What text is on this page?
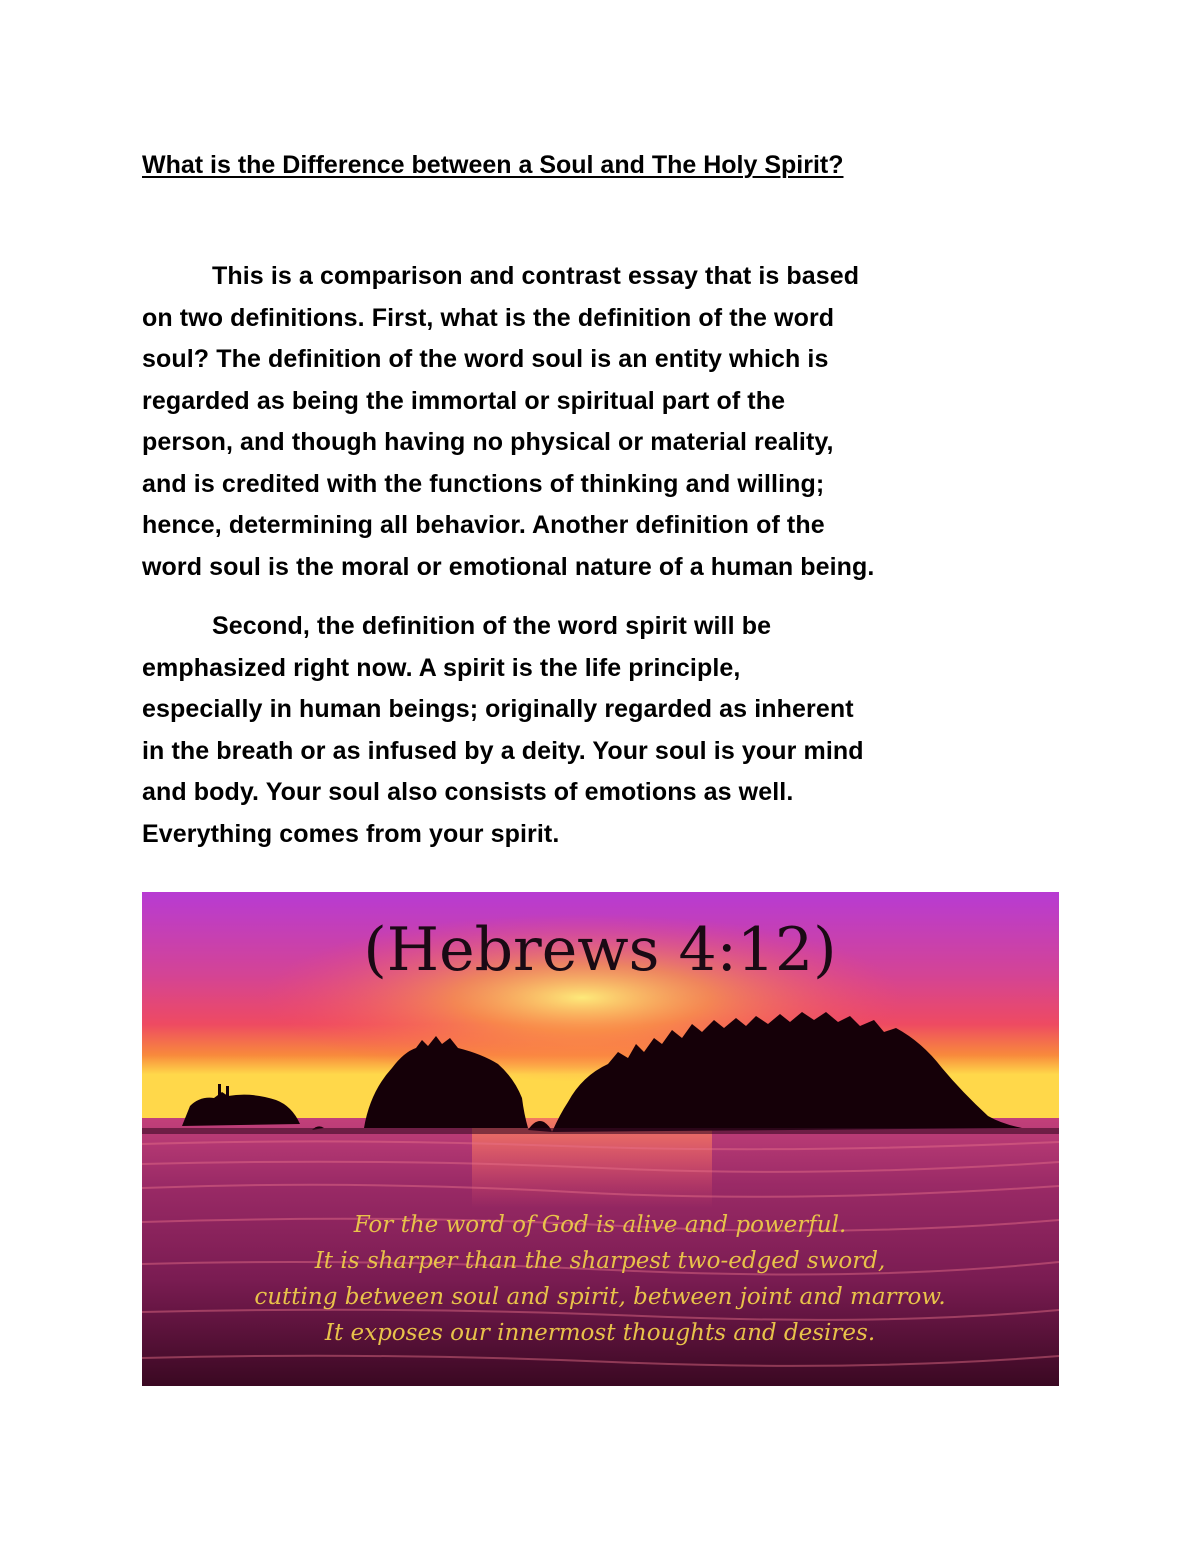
What is the Difference between a Soul and The Holy Spirit?

This is a comparison and contrast essay that is based
on two definitions. First, what is the definition of the word
soul? The definition of the word soul is an entity which is
regarded as being the immortal or spiritual part of the
person, and though having no physical or material reality,
and is credited with the functions of thinking and willing;
hence, determining all behavior. Another definition of the
word soul is the moral or emotional nature of a human being.

Second, the definition of the word spirit will be
emphasized right now. A spirit is the life principle,
especially in human beings; originally regarded as inherent
in the breath or as infused by a deity. Your soul is your mind
and body. Your soul also consists of emotions as well.
Everything comes from your spirit.

(Hebrews 4:12)
For the word of God is alive and powerful.
It is sharper than the sharpest two-edged sword,
cutting between soul and spirit, between joint and marrow.
It exposes our innermost thoughts and desires.
